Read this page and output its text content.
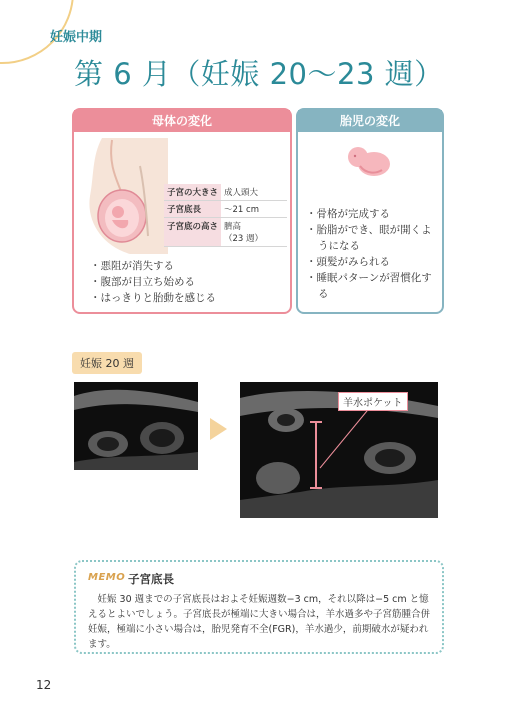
妊娠中期
第 6 月（妊娠 20〜23 週）
母体の変化
子宮の大きさ	成人頭大
子宮底長	〜21 cm
子宮底の高さ	臍高
（23 週）
・ 悪阻が消失する
・ 腹部が目立ち始める
・ はっきりと胎動を感じる
胎児の変化
・ 骨格が完成する
・ 胎脂ができ、眼が開くようになる
・ 頭髪がみられる
・ 睡眠パターンが習慣化する
妊娠 20 週
羊水ポケット
MEMO 子宮底長

妊娠 30 週までの子宮底長はおよそ妊娠週数−3 cm，それ以降は−5 cm と憶えるとよいでしょう。子宮底長が極端に大きい場合は，羊水過多や子宮筋腫合併妊娠，極端に小さい場合は，胎児発育不全(FGR)，羊水過少，前期破水が疑われます。

12
